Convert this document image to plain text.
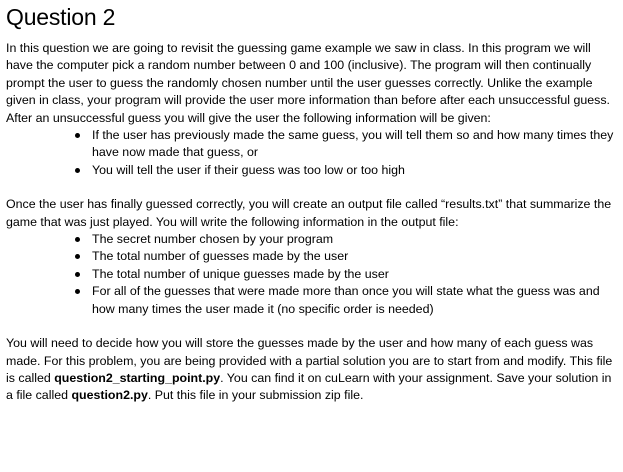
Question 2

In this question we are going to revisit the guessing game example we saw in class. In this program we will have the computer pick a random number between 0 and 100 (inclusive). The program will then continually prompt the user to guess the randomly chosen number until the user guesses correctly. Unlike the example given in class, your program will provide the user more information than before after each unsuccessful guess. After an unsuccessful guess you will give the user the following information will be given:

If the user has previously made the same guess, you will tell them so and how many times they have now made that guess, or
You will tell the user if their guess was too low or too high

Once the user has finally guessed correctly, you will create an output file called “results.txt” that summarize the game that was just played. You will write the following information in the output file:

The secret number chosen by your program
The total number of guesses made by the user
The total number of unique guesses made by the user
For all of the guesses that were made more than once you will state what the guess was and how many times the user made it (no specific order is needed)

You will need to decide how you will store the guesses made by the user and how many of each guess was made. For this problem, you are being provided with a partial solution you are to start from and modify. This file is called question2_starting_point.py. You can find it on cuLearn with your assignment. Save your solution in a file called question2.py. Put this file in your submission zip file.
